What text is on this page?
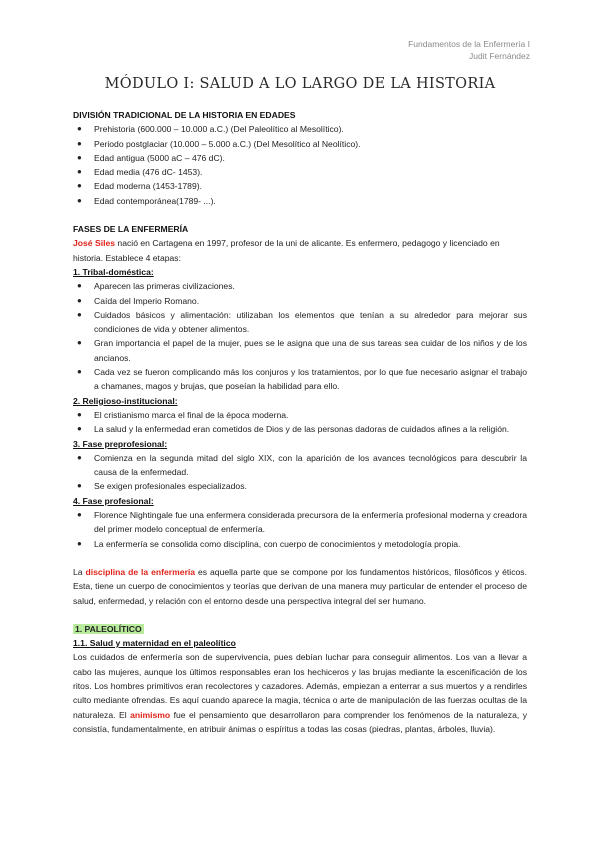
Fundamentos de la Enfermería I
Judit Fernández
MÓDULO I: SALUD A LO LARGO DE LA HISTORIA
DIVISIÓN TRADICIONAL DE LA HISTORIA EN EDADES
● Prehistoria (600.000 – 10.000 a.C.) (Del Paleolítico al Mesolítico).
● Periodo postglaciar (10.000 – 5.000 a.C.) (Del Mesolítico al Neolítico).
● Edad antigua (5000 aC – 476 dC).
● Edad media (476 dC- 1453).
● Edad moderna (1453-1789).
● Edad contemporánea(1789- ...).
FASES DE LA ENFERMERÍA
José Siles nació en Cartagena en 1997, profesor de la uni de alicante. Es enfermero, pedagogo y licenciado en historia. Establece 4 etapas:
1. Tribal-doméstica:
● Aparecen las primeras civilizaciones.
● Caída del Imperio Romano.
● Cuidados básicos y alimentación: utilizaban los elementos que tenían a su alrededor para mejorar sus condiciones de vida y obtener alimentos.
● Gran importancia el papel de la mujer, pues se le asigna que una de sus tareas sea cuidar de los niños y de los ancianos.
● Cada vez se fueron complicando más los conjuros y los tratamientos, por lo que fue necesario asignar el trabajo a chamanes, magos y brujas, que poseían la habilidad para ello.
2. Religioso-institucional:
● El cristianismo marca el final de la época moderna.
● La salud y la enfermedad eran cometidos de Dios y de las personas dadoras de cuidados afines a la religión.
3. Fase preprofesional:
● Comienza en la segunda mitad del siglo XIX, con la aparición de los avances tecnológicos para descubrir la causa de la enfermedad.
● Se exigen profesionales especializados.
4. Fase profesional:
● Florence Nightingale fue una enfermera considerada precursora de la enfermería profesional moderna y creadora del primer modelo conceptual de enfermería.
● La enfermería se consolida como disciplina, con cuerpo de conocimientos y metodología propia.
La disciplina de la enfermería es aquella parte que se compone por los fundamentos históricos, filosóficos y éticos. Esta, tiene un cuerpo de conocimientos y teorías que derivan de una manera muy particular de entender el proceso de salud, enfermedad, y relación con el entorno desde una perspectiva integral del ser humano.
1. PALEOLÍTICO
1.1. Salud y maternidad en el paleolítico
Los cuidados de enfermería son de supervivencia, pues debían luchar para conseguir alimentos. Los van a llevar a cabo las mujeres, aunque los últimos responsables eran los hechiceros y las brujas mediante la escenificación de los ritos. Los hombres primitivos eran recolectores y cazadores. Además, empiezan a enterrar a sus muertos y a rendirles culto mediante ofrendas. Es aquí cuando aparece la magia, técnica o arte de manipulación de las fuerzas ocultas de la naturaleza. El animismo fue el pensamiento que desarrollaron para comprender los fenómenos de la naturaleza, y consistía, fundamentalmente, en atribuir ánimas o espíritus a todas las cosas (piedras, plantas, árboles, lluvia).
